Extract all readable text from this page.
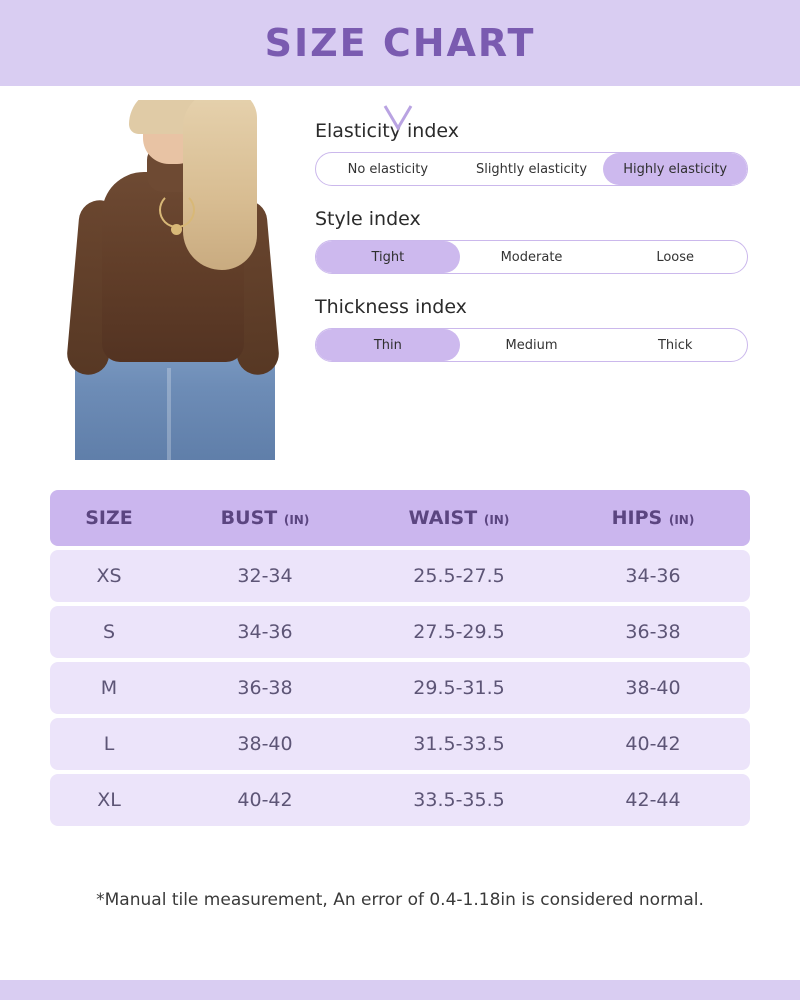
SIZE CHART
Elasticity index
No elasticity	Slightly elasticity	Highly elasticity
Style index
Tight	Moderate	Loose
Thickness index
Thin	Medium	Thick
SIZE	BUST (IN)	WAIST (IN)	HIPS (IN)
XS	32-34	25.5-27.5	34-36
S	34-36	27.5-29.5	36-38
M	36-38	29.5-31.5	38-40
L	38-40	31.5-33.5	40-42
XL	40-42	33.5-35.5	42-44
*Manual tile measurement, An error of 0.4-1.18in is considered normal.
